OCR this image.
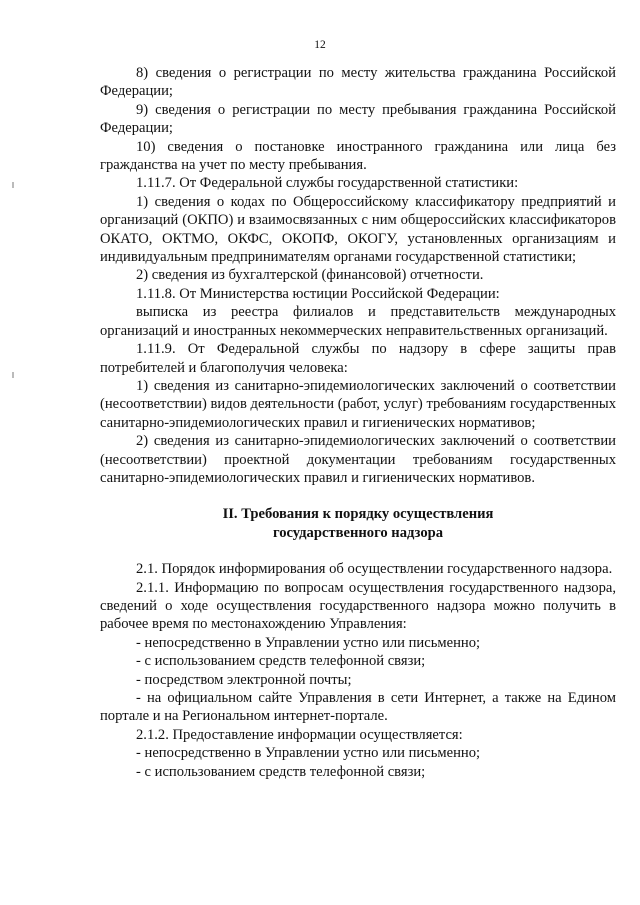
12

8) сведения о регистрации по месту жительства гражданина Российской Федерации;

9) сведения о регистрации по месту пребывания гражданина Российской Федерации;

10) сведения о постановке иностранного гражданина или лица без гражданства на учет по месту пребывания.

1.11.7. От Федеральной службы государственной статистики:

1) сведения о кодах по Общероссийскому классификатору предприятий и организаций (ОКПО) и взаимосвязанных с ним общероссийских классификаторов ОКАТО, ОКТМО, ОКФС, ОКОПФ, ОКОГУ, установленных организациям и индивидуальным предпринимателям органами государственной статистики;

2) сведения из бухгалтерской (финансовой) отчетности.

1.11.8. От Министерства юстиции Российской Федерации:

выписка из реестра филиалов и представительств международных организаций и иностранных некоммерческих неправительственных организаций.

1.11.9. От Федеральной службы по надзору в сфере защиты прав потребителей и благополучия человека:

1) сведения из санитарно-эпидемиологических заключений о соответствии (несоответствии) видов деятельности (работ, услуг) требованиям государственных санитарно-эпидемиологических правил и гигиенических нормативов;

2) сведения из санитарно-эпидемиологических заключений о соответствии (несоответствии) проектной документации требованиям государственных санитарно-эпидемиологических правил и гигиенических нормативов.

II. Требования к порядку осуществления
государственного надзора

2.1. Порядок информирования об осуществлении государственного надзора.

2.1.1. Информацию по вопросам осуществления государственного надзора, сведений о ходе осуществления государственного надзора можно получить в рабочее время по местонахождению Управления:

- непосредственно в Управлении устно или письменно;

- с использованием средств телефонной связи;

- посредством электронной почты;

- на официальном сайте Управления в сети Интернет, а также на Едином портале и на Региональном интернет-портале.

2.1.2. Предоставление информации осуществляется:

- непосредственно в Управлении устно или письменно;

- с использованием средств телефонной связи;
